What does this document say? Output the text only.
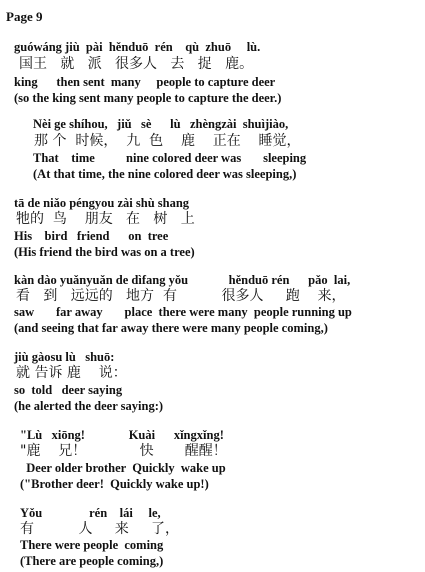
Page 9
guówáng jiù  pài  hěnduō  rén    qù  zhuō     lù.
国王   就   派   很多人   去   捉   鹿。
king      then sent  many     people to capture deer
(so the king sent many people to capture the deer.)
Nèi ge shíhou,   jiǔ   sè      lù   zhèngzài  shuìjiào,
那 个  时候，  九  色    鹿    正在    睡觉，
That    time          nine colored deer was       sleeping
(At that time, the nine colored deer was sleeping,)
tā de niǎo péngyou zài shù shang
牠的  鸟    朋友   在   树   上
His    bird   friend      on  tree
(His friend the bird was on a tree)
kàn dào yuǎnyuǎn de dìfang yǒu             hěnduō rén      pǎo  lai,
看   到   远远的   地方  有          很多人     跑    来，
saw       far away       place  there were many  people running up
(and seeing that far away there were many people coming,)
jiù gàosu lù   shuō:
就 告诉 鹿    说：
so  told   deer saying
(he alerted the deer saying:)
"Lù   xiōng!              Kuài      xǐngxǐng!
"鹿    兄！            快       醒醒！
Deer older brother  Quickly  wake up
("Brother deer!  Quickly wake up!)
Yǒu               rén    lái     le,
有          人     来     了，
There were people  coming
(There are people coming,)
